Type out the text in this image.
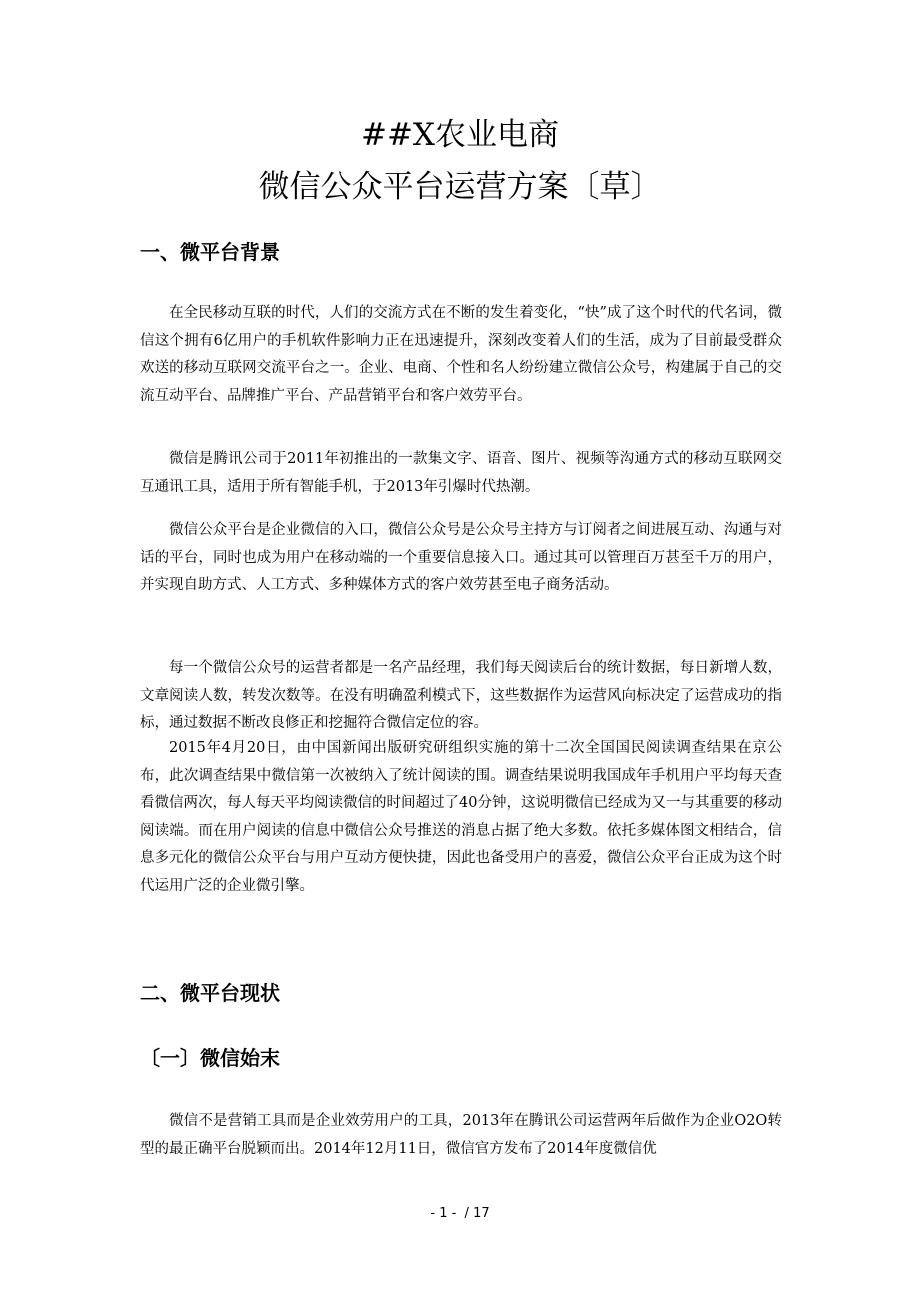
##X农业电商
微信公众平台运营方案〔草〕
一、微平台背景

在全民移动互联的时代，人们的交流方式在不断的发生着变化，“快”成了这个时代的代名词，微信这个拥有6亿用户的手机软件影响力正在迅速提升，深刻改变着人们的生活，成为了目前最受群众欢送的移动互联网交流平台之一。企业、电商、个性和名人纷纷建立微信公众号，构建属于自己的交流互动平台、品牌推广平台、产品营销平台和客户效劳平台。

微信是腾讯公司于2011年初推出的一款集文字、语音、图片、视频等沟通方式的移动互联网交互通讯工具，适用于所有智能手机，于2013年引爆时代热潮。

微信公众平台是企业微信的入口，微信公众号是公众号主持方与订阅者之间进展互动、沟通与对话的平台，同时也成为用户在移动端的一个重要信息接入口。通过其可以管理百万甚至千万的用户，并实现自助方式、人工方式、多种媒体方式的客户效劳甚至电子商务活动。

每一个微信公众号的运营者都是一名产品经理，我们每天阅读后台的统计数据，每日新增人数，文章阅读人数，转发次数等。在没有明确盈利模式下，这些数据作为运营风向标决定了运营成功的指标，通过数据不断改良修正和挖掘符合微信定位的容。

2015年4月20日，由中国新闻出版研究研组织实施的第十二次全国国民阅读调查结果在京公布，此次调查结果中微信第一次被纳入了统计阅读的围。调查结果说明我国成年手机用户平均每天查看微信两次，每人每天平均阅读微信的时间超过了40分钟，这说明微信已经成为又一与其重要的移动阅读端。而在用户阅读的信息中微信公众号推送的消息占据了绝大多数。依托多媒体图文相结合，信息多元化的微信公众平台与用户互动方便快捷，因此也备受用户的喜爱，微信公众平台正成为这个时代运用广泛的企业微引擎。

二、微平台现状
〔一〕微信始末

微信不是营销工具而是企业效劳用户的工具，2013年在腾讯公司运营两年后做作为企业O2O转型的最正确平台脱颖而出。2014年12月11日，微信官方发布了2014年度微信优

- 1 -  / 17
